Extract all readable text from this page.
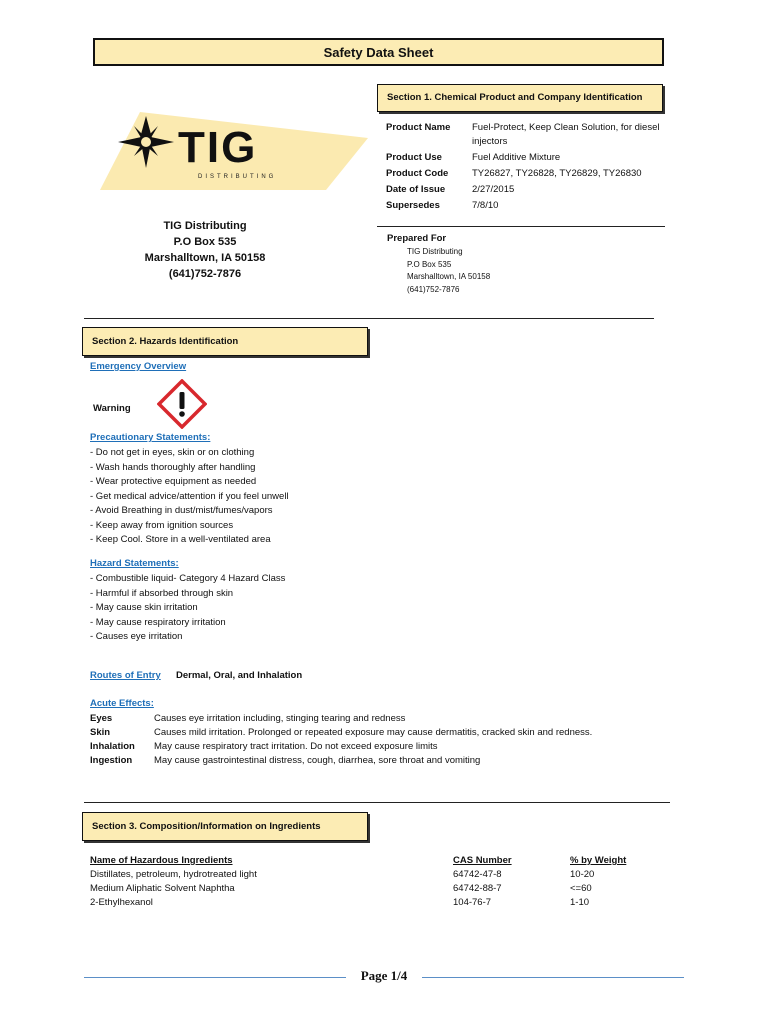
Safety Data Sheet
TIG
DISTRIBUTING
TIG Distributing
P.O Box 535
Marshalltown, IA 50158
(641)752-7876
Section 1. Chemical Product and Company Identification
Product Name	Fuel-Protect, Keep Clean Solution, for diesel injectors
Product Use	Fuel Additive Mixture
Product Code	TY26827, TY26828, TY26829, TY26830
Date of Issue	2/27/2015
Supersedes	7/8/10
Prepared For
TIG Distributing
P.O Box 535
Marshalltown, IA 50158
(641)752-7876
Section 2. Hazards Identification
Emergency Overview
Warning
Precautionary Statements:
- Do not get in eyes, skin or on clothing
- Wash hands thoroughly after handling
- Wear protective equipment as needed
- Get medical advice/attention if you feel unwell
- Avoid Breathing in dust/mist/fumes/vapors
- Keep away from ignition sources
- Keep Cool. Store in a well-ventilated area
Hazard Statements:
- Combustible liquid- Category 4 Hazard Class
- Harmful if absorbed through skin
- May cause skin irritation
- May cause respiratory irritation
- Causes eye irritation
Routes of Entry Dermal, Oral, and Inhalation
Acute Effects:
Eyes	Causes eye irritation including, stinging tearing and redness
Skin	Causes mild irritation. Prolonged or repeated exposure may cause dermatitis, cracked skin and redness.
Inhalation	May cause respiratory tract irritation. Do not exceed exposure limits
Ingestion	May cause gastrointestinal distress, cough, diarrhea, sore throat and vomiting
Section 3. Composition/Information on Ingredients
Name of Hazardous Ingredients	CAS Number	% by Weight
Distillates, petroleum, hydrotreated light	64742-47-8	10-20
Medium Aliphatic Solvent Naphtha	64742-88-7	<=60
2-Ethylhexanol	104-76-7	1-10
Page 1/4
